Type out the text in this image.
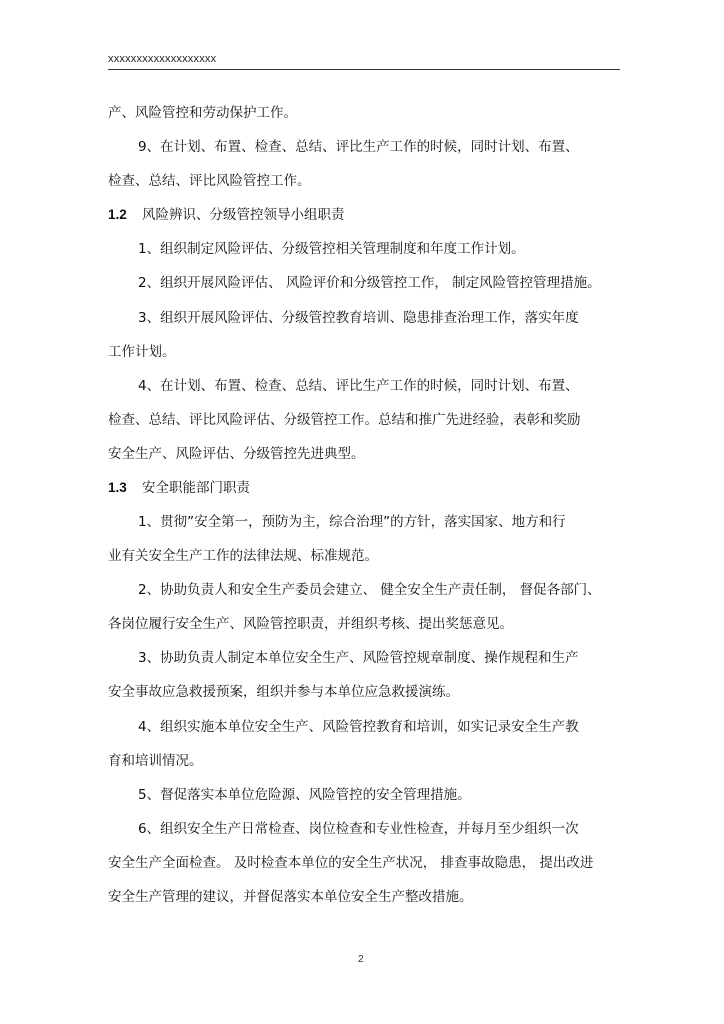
xxxxxxxxxxxxxxxxxxx
产、风险管控和劳动保护工作。
9、在计划、布置、检查、总结、评比生产工作的时候，同时计划、布置、
检查、总结、评比风险管控工作。
1.2 风险辨识、分级管控领导小组职责
1、组织制定风险评估、分级管控相关管理制度和年度工作计划。
2、组织开展风险评估、 风险评价和分级管控工作， 制定风险管控管理措施。
3、组织开展风险评估、分级管控教育培训、隐患排查治理工作，落实年度
工作计划。
4、在计划、布置、检查、总结、评比生产工作的时候，同时计划、布置、
检查、总结、评比风险评估、分级管控工作。总结和推广先进经验，表彰和奖励
安全生产、风险评估、分级管控先进典型。
1.3 安全职能部门职责
1、贯彻”安全第一，预防为主，综合治理”的方针，落实国家、地方和行
业有关安全生产工作的法律法规、标准规范。
2、协助负责人和安全生产委员会建立、 健全安全生产责任制， 督促各部门、
各岗位履行安全生产、风险管控职责，并组织考核、提出奖惩意见。
3、协助负责人制定本单位安全生产、风险管控规章制度、操作规程和生产
安全事故应急救援预案，组织并参与本单位应急救援演练。
4、组织实施本单位安全生产、风险管控教育和培训，如实记录安全生产教
育和培训情况。
5、督促落实本单位危险源、风险管控的安全管理措施。
6、组织安全生产日常检查、岗位检查和专业性检查，并每月至少组织一次
安全生产全面检查。 及时检查本单位的安全生产状况， 排查事故隐患， 提出改进
安全生产管理的建议，并督促落实本单位安全生产整改措施。
2
